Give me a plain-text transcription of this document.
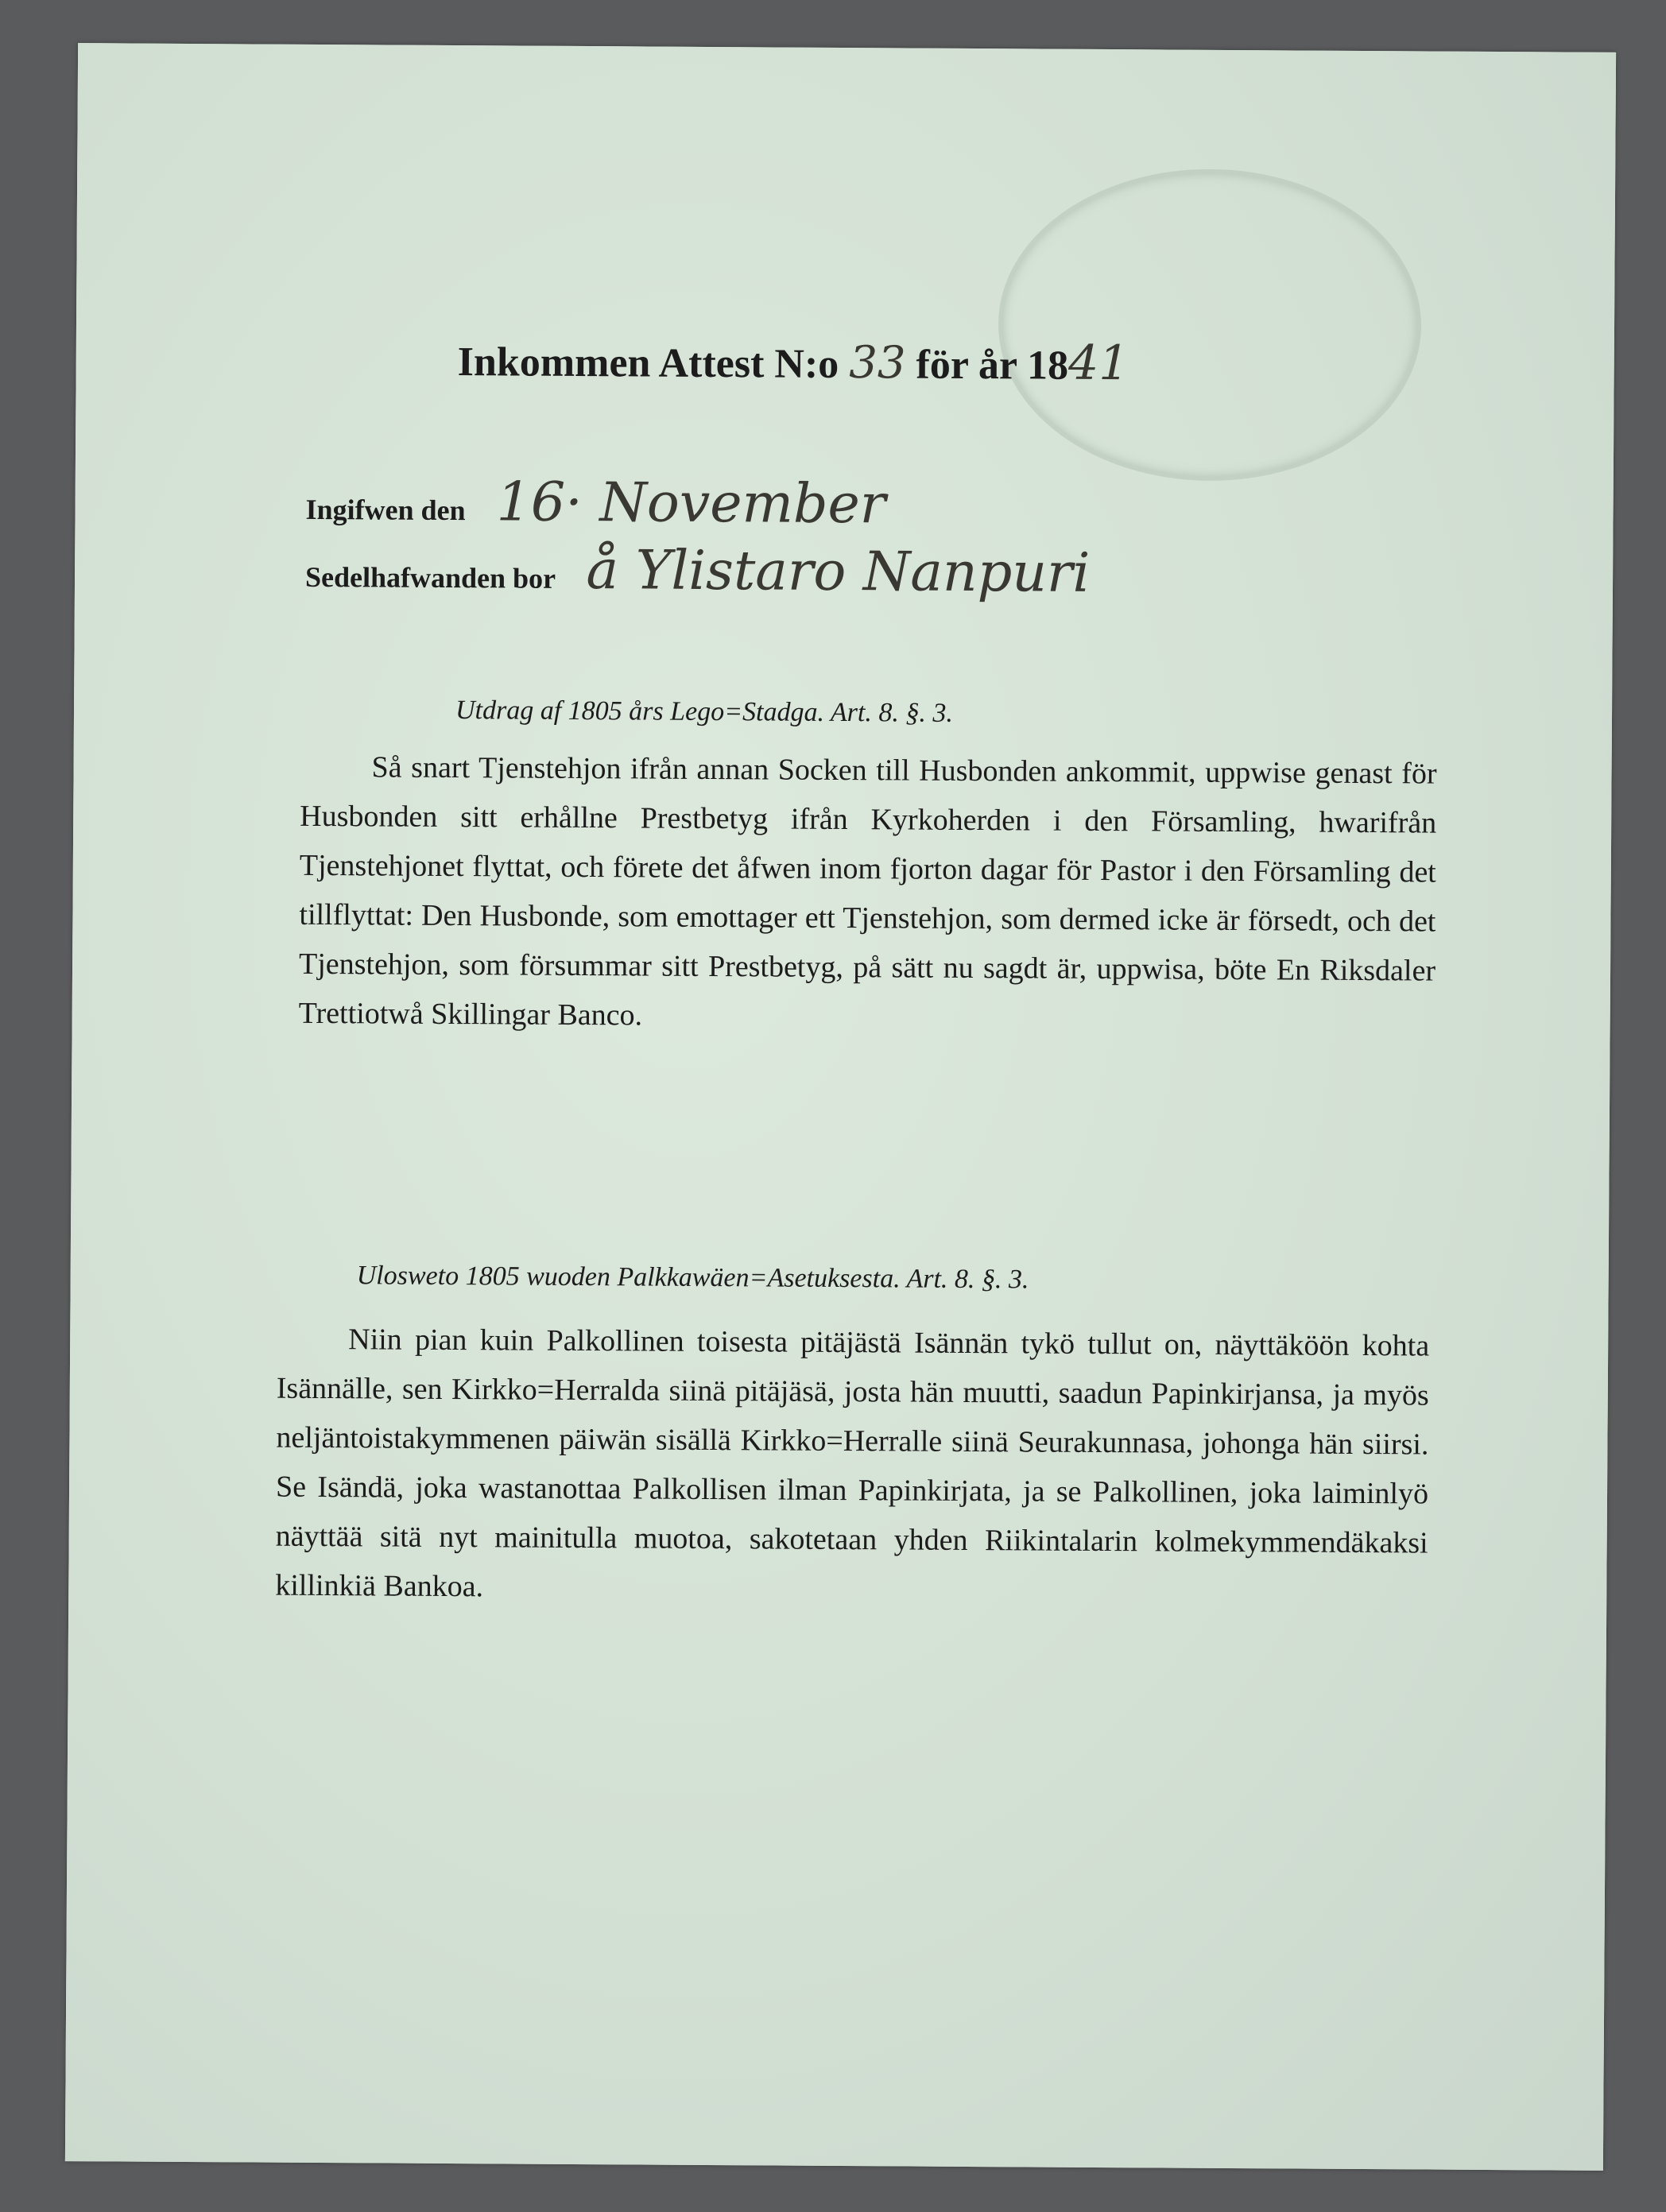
Inkommen Attest N:o 33 för år 1841
Ingifwen den 16· November
Sedelhafwanden bor å Ylistaro Nanpuri
Utdrag af 1805 års Lego=Stadga. Art. 8. §. 3.
Så snart Tjenstehjon ifrån annan Socken till Husbonden ankommit, uppwise genast för Husbonden sitt erhållne Prestbetyg ifrån Kyrkoherden i den Församling, hwarifrån Tjenstehjonet flyttat, och förete det åfwen inom fjorton dagar för Pastor i den Församling det tillflyttat: Den Husbonde, som emottager ett Tjenstehjon, som dermed icke är försedt, och det Tjenstehjon, som försummar sitt Prestbetyg, på sätt nu sagdt är, uppwisa, böte En Riksdaler Trettiotwå Skillingar Banco.
Ulosweto 1805 wuoden Palkkawäen=Asetuksesta. Art. 8. §. 3.
Niin pian kuin Palkollinen toisesta pitäjästä Isännän tykö tullut on, näyttäköön kohta Isännälle, sen Kirkko=Herralda siinä pitäjäsä, josta hän muutti, saadun Papinkirjansa, ja myös neljäntoistakymmenen päiwän sisällä Kirkko=Herralle siinä Seurakunnasa, johonga hän siirsi. Se Isändä, joka wastanottaa Palkollisen ilman Papinkirjata, ja se Palkollinen, joka laiminlyö näyttää sitä nyt mainitulla muotoa, sakotetaan yhden Riikintalarin kolmekymmendäkaksi killinkiä Bankoa.
